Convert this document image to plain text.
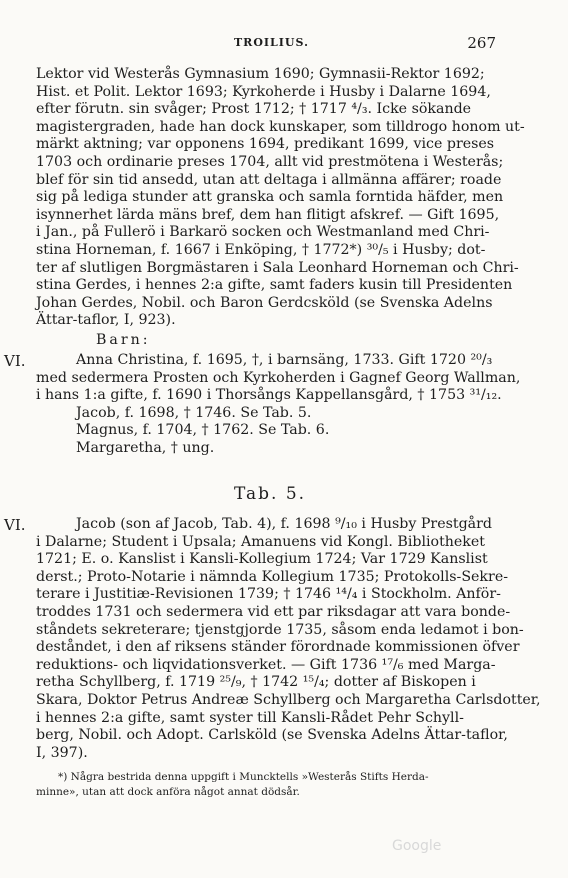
TROILIUS.	267
Lektor vid Westerås Gymnasium 1690; Gymnasii-Rektor 1692;
Hist. et Polit. Lektor 1693; Kyrkoherde i Husby i Dalarne 1694,
efter förutn. sin svåger; Prost 1712; † 1717 ⁴/₃. Icke sökande
magistergraden, hade han dock kunskaper, som tilldrogo honom ut-
märkt aktning; var opponens 1694, predikant 1699, vice preses
1703 och ordinarie preses 1704, allt vid prestmötena i Westerås;
blef för sin tid ansedd, utan att deltaga i allmänna affärer; roade
sig på lediga stunder att granska och samla forntida häfder, men
isynnerhet lärda mäns bref, dem han flitigt afskref. — Gift 1695,
i Jan., på Fullerö i Barkarö socken och Westmanland med Chri-
stina Horneman, f. 1667 i Enköping, † 1772*) ³⁰/₅ i Husby; dot-
ter af slutligen Borgmästaren i Sala Leonhard Horneman och Chri-
stina Gerdes, i hennes 2:a gifte, samt faders kusin till Presidenten
Johan Gerdes, Nobil. och Baron Gerdcsköld (se Svenska Adelns
Ättar-taflor, I, 923).
Barn:
VI.	Anna Christina, f. 1695, †, i barnsäng, 1733. Gift 1720 ²⁰/₃
med sedermera Prosten och Kyrkoherden i Gagnef Georg Wallman,
i hans 1:a gifte, f. 1690 i Thorsångs Kappellansgård, † 1753 ³¹/₁₂.
Jacob, f. 1698, † 1746. Se Tab. 5.
Magnus, f. 1704, † 1762. Se Tab. 6.
Margaretha, † ung.
Tab. 5.
VI.	Jacob (son af Jacob, Tab. 4), f. 1698 ⁹/₁₀ i Husby Prestgård
i Dalarne; Student i Upsala; Amanuens vid Kongl. Bibliotheket
1721; E. o. Kanslist i Kansli-Kollegium 1724; Var 1729 Kanslist
derst.; Proto-Notarie i nämnda Kollegium 1735; Protokolls-Sekre-
terare i Justitiæ-Revisionen 1739; † 1746 ¹⁴/₄ i Stockholm. Anför-
troddes 1731 och sedermera vid ett par riksdagar att vara bonde-
ståndets sekreterare; tjenstgjorde 1735, såsom enda ledamot i bon-
deståndet, i den af riksens ständer förordnade kommissionen öfver
reduktions- och liqvidationsverket. — Gift 1736 ¹⁷/₆ med Marga-
retha Schyllberg, f. 1719 ²⁵/₉, † 1742 ¹⁵/₄; dotter af Biskopen i
Skara, Doktor Petrus Andreæ Schyllberg och Margaretha Carlsdotter,
i hennes 2:a gifte, samt syster till Kansli-Rådet Pehr Schyll-
berg, Nobil. och Adopt. Carlsköld (se Svenska Adelns Ättar-taflor,
I, 397).
*) Några bestrida denna uppgift i Muncktells »Westerås Stifts Herda-
minne», utan att dock anföra något annat dödsår.
Google
